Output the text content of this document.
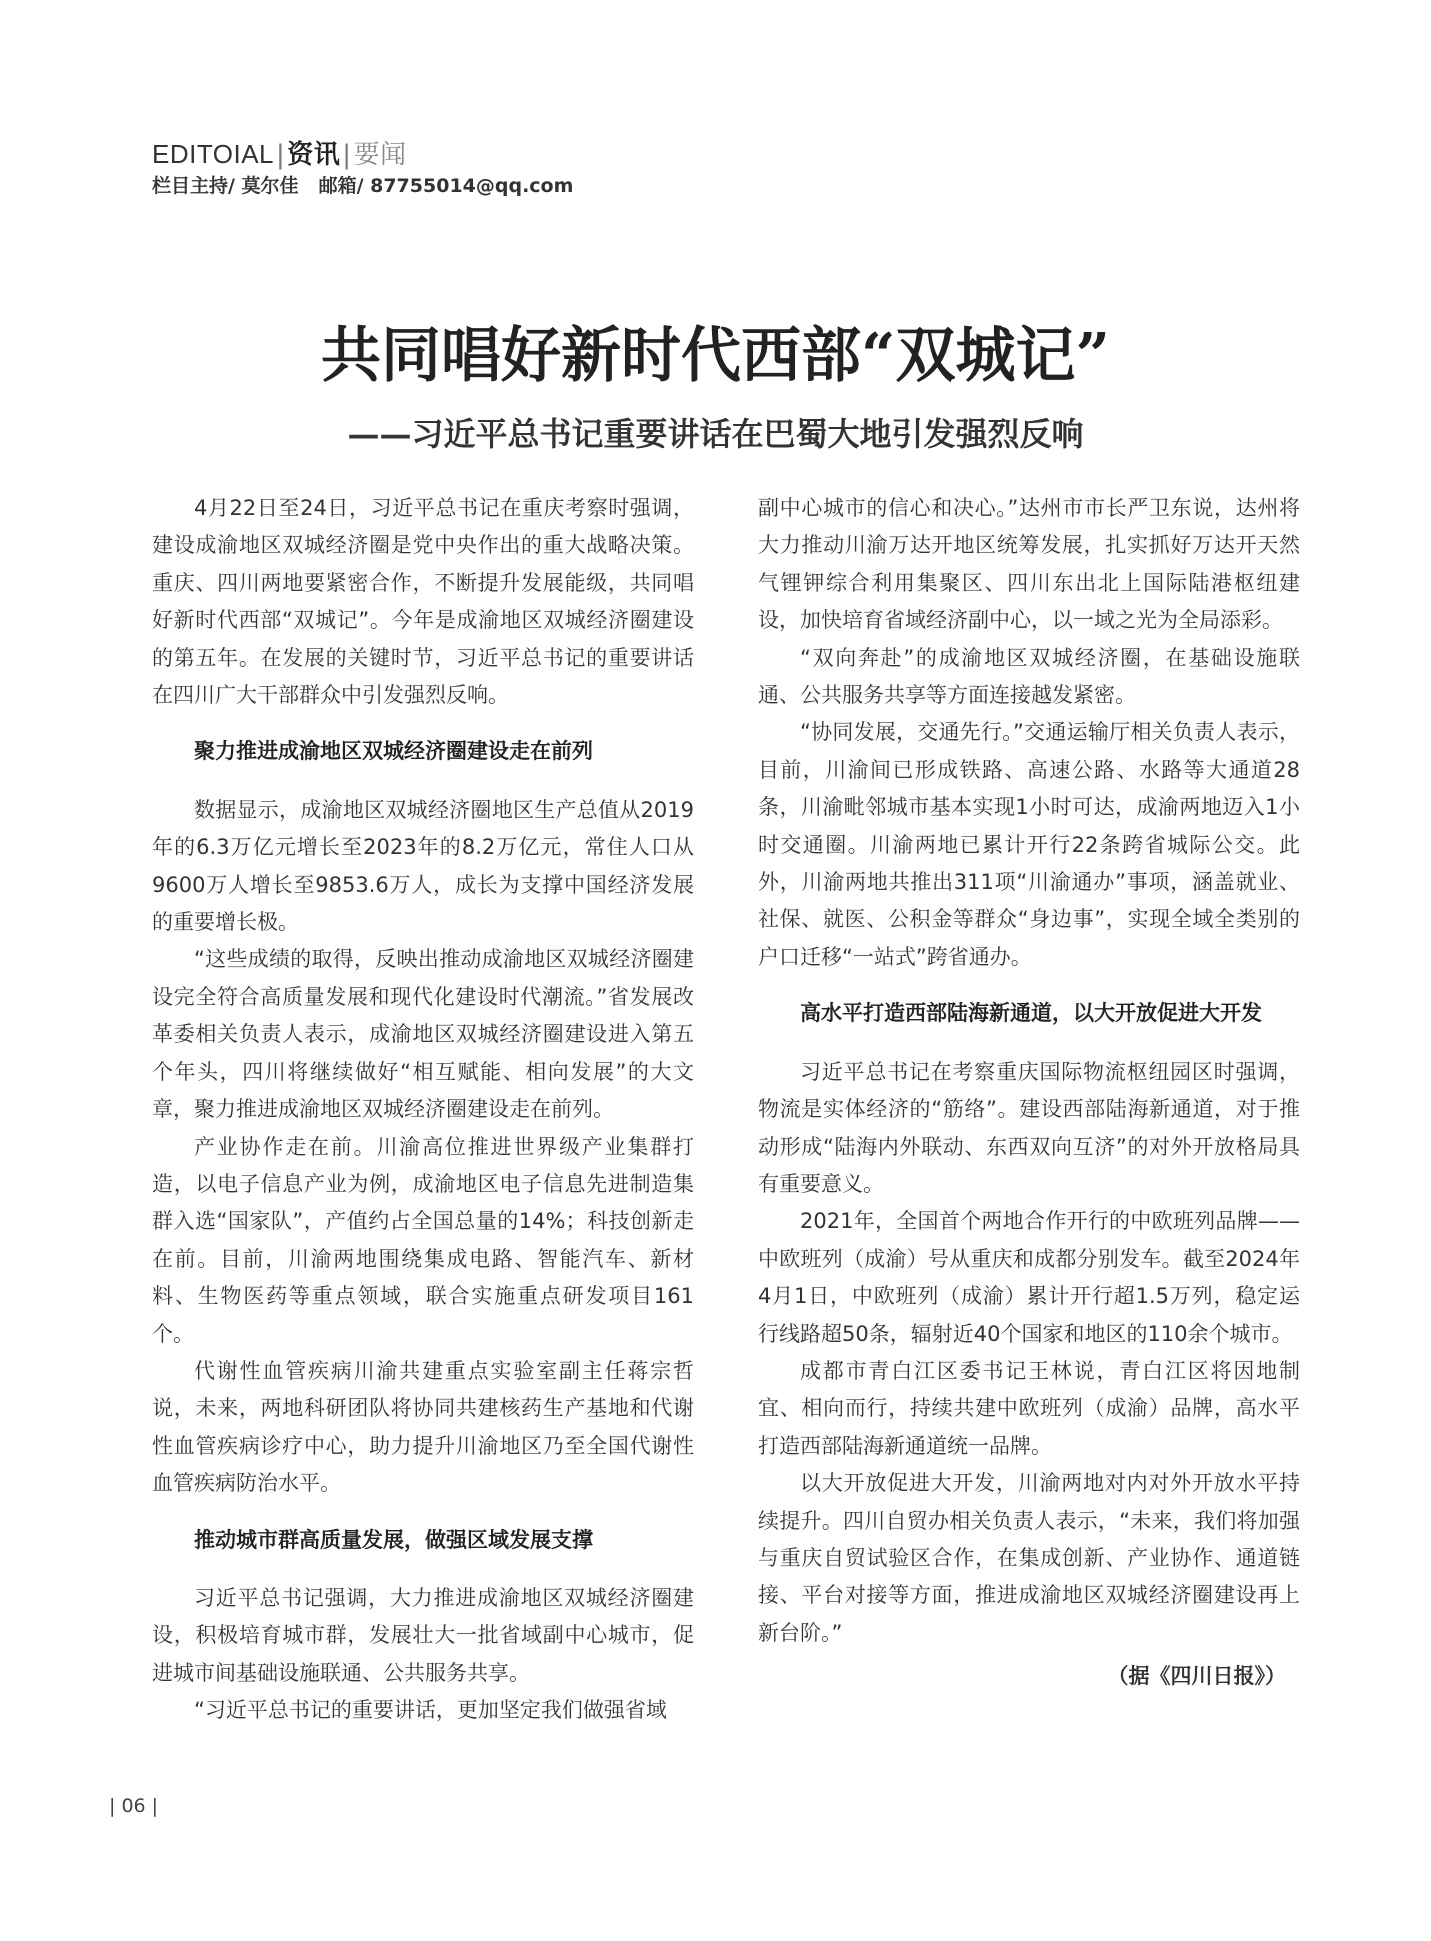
EDITOIAL|资讯|要闻
栏目主持/ 莫尔佳 邮箱/ 87755014@qq.com
共同唱好新时代西部“双城记”
——习近平总书记重要讲话在巴蜀大地引发强烈反响

4月22日至24日，习近平总书记在重庆考察时强调，建设成渝地区双城经济圈是党中央作出的重大战略决策。重庆、四川两地要紧密合作，不断提升发展能级，共同唱好新时代西部“双城记”。今年是成渝地区双城经济圈建设的第五年。在发展的关键时节，习近平总书记的重要讲话在四川广大干部群众中引发强烈反响。

聚力推进成渝地区双城经济圈建设走在前列

数据显示，成渝地区双城经济圈地区生产总值从2019年的6.3万亿元增长至2023年的8.2万亿元，常住人口从9600万人增长至9853.6万人，成长为支撑中国经济发展的重要增长极。

“这些成绩的取得，反映出推动成渝地区双城经济圈建设完全符合高质量发展和现代化建设时代潮流。”省发展改革委相关负责人表示，成渝地区双城经济圈建设进入第五个年头，四川将继续做好“相互赋能、相向发展”的大文章，聚力推进成渝地区双城经济圈建设走在前列。

产业协作走在前。川渝高位推进世界级产业集群打造，以电子信息产业为例，成渝地区电子信息先进制造集群入选“国家队”，产值约占全国总量的14%；科技创新走在前。目前，川渝两地围绕集成电路、智能汽车、新材料、生物医药等重点领域，联合实施重点研发项目161个。

代谢性血管疾病川渝共建重点实验室副主任蒋宗哲说，未来，两地科研团队将协同共建核药生产基地和代谢性血管疾病诊疗中心，助力提升川渝地区乃至全国代谢性血管疾病防治水平。

推动城市群高质量发展，做强区域发展支撑

习近平总书记强调，大力推进成渝地区双城经济圈建设，积极培育城市群，发展壮大一批省域副中心城市，促进城市间基础设施联通、公共服务共享。

“习近平总书记的重要讲话，更加坚定我们做强省域

副中心城市的信心和决心。”达州市市长严卫东说，达州将大力推动川渝万达开地区统筹发展，扎实抓好万达开天然气锂钾综合利用集聚区、四川东出北上国际陆港枢纽建设，加快培育省域经济副中心，以一域之光为全局添彩。

“双向奔赴”的成渝地区双城经济圈，在基础设施联通、公共服务共享等方面连接越发紧密。

“协同发展，交通先行。”交通运输厅相关负责人表示，目前，川渝间已形成铁路、高速公路、水路等大通道28条，川渝毗邻城市基本实现1小时可达，成渝两地迈入1小时交通圈。川渝两地已累计开行22条跨省城际公交。此外，川渝两地共推出311项“川渝通办”事项，涵盖就业、社保、就医、公积金等群众“身边事”，实现全域全类别的户口迁移“一站式”跨省通办。

高水平打造西部陆海新通道，以大开放促进大开发

习近平总书记在考察重庆国际物流枢纽园区时强调，物流是实体经济的“筋络”。建设西部陆海新通道，对于推动形成“陆海内外联动、东西双向互济”的对外开放格局具有重要意义。

2021年，全国首个两地合作开行的中欧班列品牌——中欧班列（成渝）号从重庆和成都分别发车。截至2024年4月1日，中欧班列（成渝）累计开行超1.5万列，稳定运行线路超50条，辐射近40个国家和地区的110余个城市。

成都市青白江区委书记王林说，青白江区将因地制宜、相向而行，持续共建中欧班列（成渝）品牌，高水平打造西部陆海新通道统一品牌。

以大开放促进大开发，川渝两地对内对外开放水平持续提升。四川自贸办相关负责人表示，“未来，我们将加强与重庆自贸试验区合作，在集成创新、产业协作、通道链接、平台对接等方面，推进成渝地区双城经济圈建设再上新台阶。”

（据《四川日报》）

| 06 |
